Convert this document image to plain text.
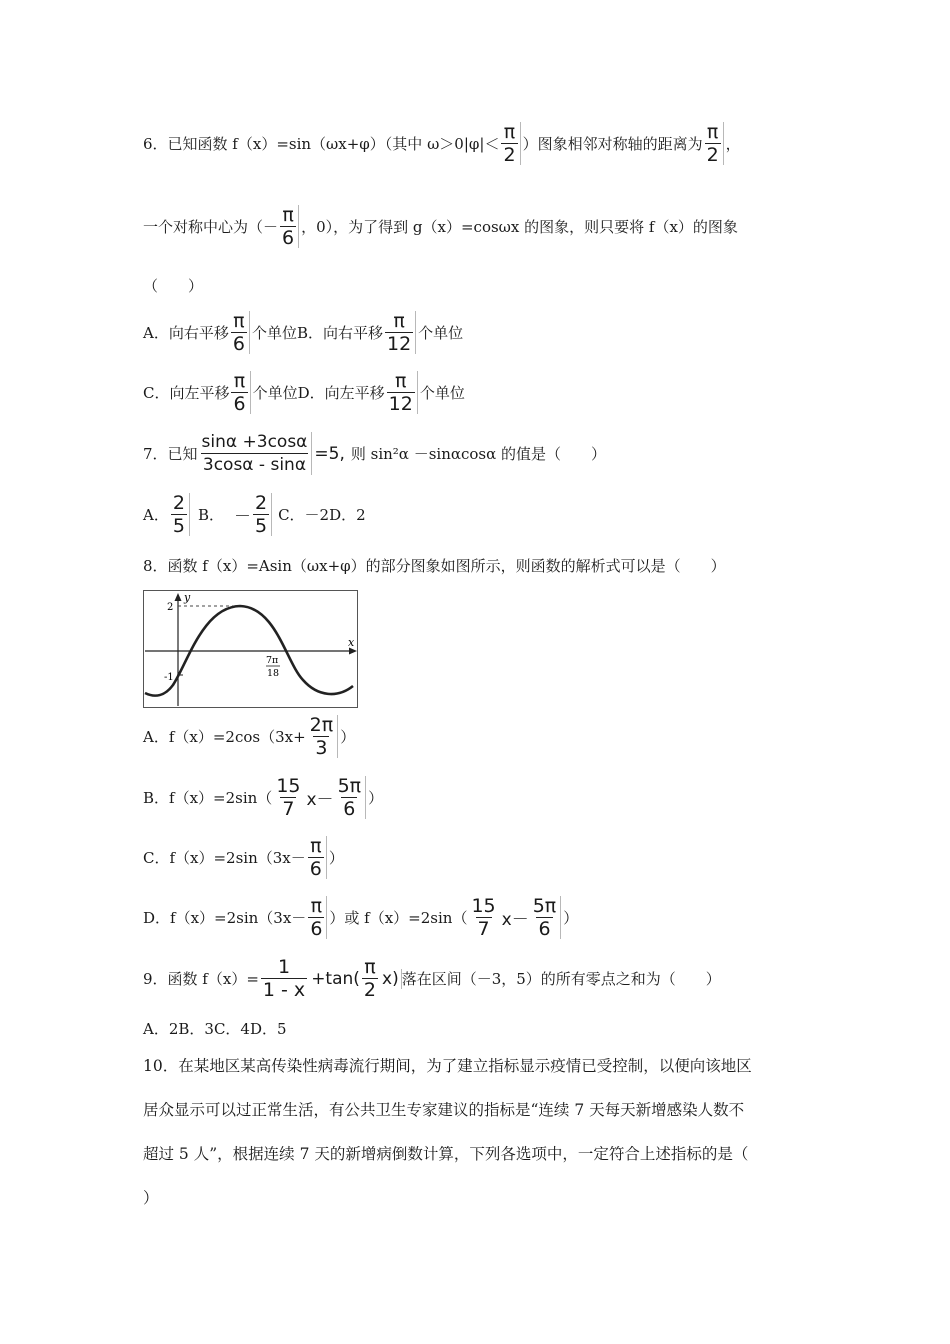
6．已知函数 f（x）=sin（ωx+φ）（其中 $\omega>0|\varphi|< \frac{\pi}{2}$ ）图象相邻对称轴的距离为 $\frac{\pi}{2}$ ，
一个对称中心为（－ $\frac{\pi}{6}$ ，0），为了得到 g（x）=cosωx 的图象，则只要将 f（x）的图象
（　　）
A．向右平移 $\frac{\pi}{6}$ 个单位 B．向右平移 $\frac{\pi}{12}$ 个单位
C．向左平移 $\frac{\pi}{6}$ 个单位 D．向左平移 $\frac{\pi}{12}$ 个单位
7．已知 $\frac{\sin\alpha +3\cos\alpha}{3\cos\alpha - \sin\alpha} =5$, 则 sin²α －sinαcosα 的值是（　　）
A． $\frac{2}{5}$ B． － $\frac{2}{5}$ C．－2 D．2
8．函数 f（x）=Asin（ωx+φ）的部分图象如图所示，则函数的解析式可以是（　　）
y
x
2
-1
7π
18
A．$f(x)=2\cos(3x+ \frac{2\pi}{3}$ ）
B．$f(x)=2\sin( \frac{15}{7} x- \frac{5\pi}{6}$ ）
C．$f(x)=2\sin(3x- \frac{\pi}{6}$ ）
D．$f(x)=2\sin(3x- \frac{\pi}{6}$ ）或 $f(x)=2\sin( \frac{15}{7} x- \frac{5\pi}{6}$ ）
9．函数 $f(x)= \frac{1}{1 - x} +\tan( \frac{\pi}{2} x)$ 落在区间（－3，5）的所有零点之和为（　　）
A．2B．3C．4D．5
10．在某地区某高传染性病毒流行期间，为了建立指标显示疫情已受控制，以便向该地区
居众显示可以过正常生活，有公共卫生专家建议的指标是“连续 7 天每天新增感染人数不
超过 5 人”，根据连续 7 天的新增病倒数计算，下列各选项中，一定符合上述指标的是（
）
